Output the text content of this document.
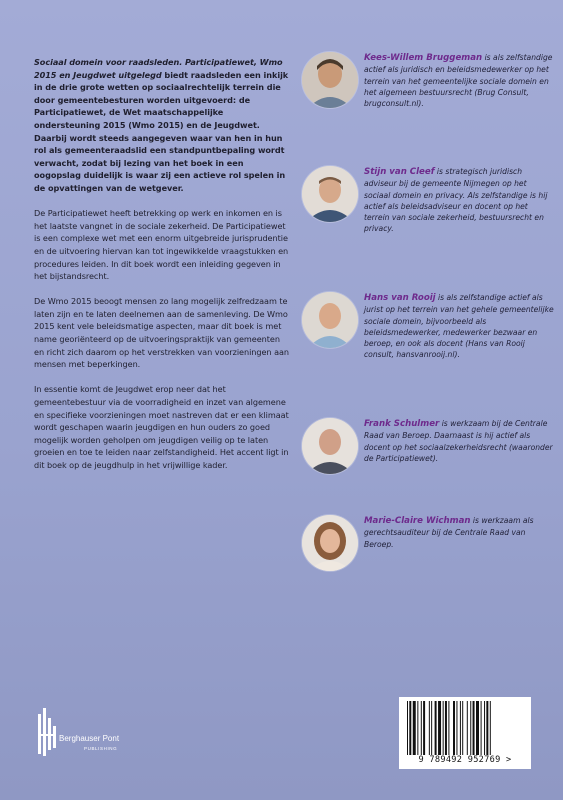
Sociaal domein voor raadsleden. Participatiewet, Wmo 2015 en Jeugdwet uitgelegd biedt raadsleden een inkijk in de drie grote wetten op sociaalrechtelijk terrein die door gemeentebesturen worden uitgevoerd: de Participatiewet, de Wet maatschappelijke ondersteuning 2015 (Wmo 2015) en de Jeugdwet. Daarbij wordt steeds aangegeven waar van hen in hun rol als gemeenteraadslid een standpuntbepaling wordt verwacht, zodat bij lezing van het boek in een oogopslag duidelijk is waar zij een actieve rol spelen in de opvattingen van de wetgever.

De Participatiewet heeft betrekking op werk en inkomen en is het laatste vangnet in de sociale zekerheid. De Participatiewet is een complexe wet met een enorm uitgebreide jurisprudentie en de uitvoering hiervan kan tot ingewikkelde vraagstukken en procedures leiden. In dit boek wordt een inleiding gegeven in het bijstandsrecht.

De Wmo 2015 beoogt mensen zo lang mogelijk zelfredzaam te laten zijn en te laten deelnemen aan de samenleving. De Wmo 2015 kent vele beleidsmatige aspecten, maar dit boek is met name georiënteerd op de uitvoeringspraktijk van gemeenten en richt zich daarom op het verstrekken van voorzieningen aan mensen met beperkingen.

In essentie komt de Jeugdwet erop neer dat het gemeentebestuur via de voorradigheid en inzet van algemene en specifieke voorzieningen moet nastreven dat er een klimaat wordt geschapen waarin jeugdigen en hun ouders zo goed mogelijk worden geholpen om jeugdigen veilig op te laten groeien en toe te leiden naar zelfstandigheid. Het accent ligt in dit boek op de jeugdhulp in het vrijwillige kader.

Kees-Willem Bruggeman is als zelfstandige actief als juridisch en beleidsmedewerker op het terrein van het gemeentelijke sociale domein en het algemeen bestuursrecht (Brug Consult, brugconsult.nl).
Stijn van Cleef is strategisch juridisch adviseur bij de gemeente Nijmegen op het sociaal domein en privacy. Als zelfstandige is hij actief als beleidsadviseur en docent op het terrein van sociale zekerheid, bestuursrecht en privacy.
Hans van Rooij is als zelfstandige actief als jurist op het terrein van het gehele gemeentelijke sociale domein, bijvoorbeeld als beleidsmedewerker, medewerker bezwaar en beroep, en ook als docent (Hans van Rooij consult, hansvanrooij.nl).
Frank Schulmer is werkzaam bij de Centrale Raad van Beroep. Daarnaast is hij actief als docent op het sociaalzekerheidsrecht (waaronder de Participatiewet).
Marie-Claire Wichman is werkzaam als gerechtsauditeur bij de Centrale Raad van Beroep.
Berghauser Pont
PUBLISHING
9 789492 952769 >
